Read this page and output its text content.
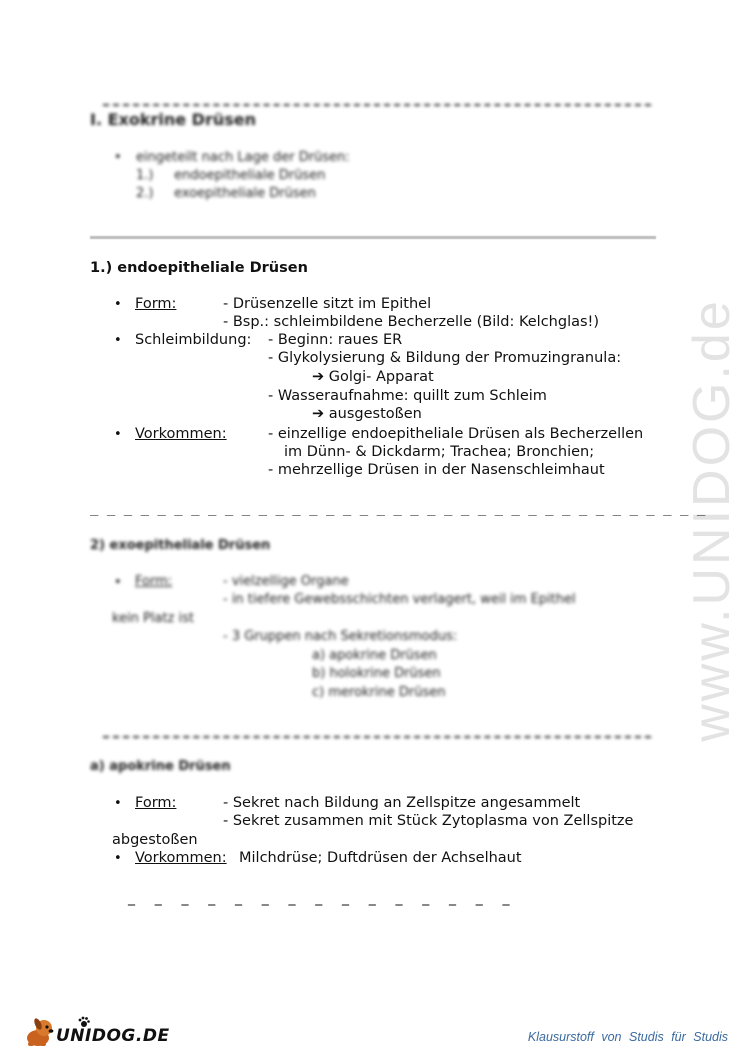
www.UNIDOG.de
I. Exokrine Drüsen
• eingeteilt nach Lage der Drüsen:
1.)     endoepitheliale Drüsen
2.)     exoepitheliale Drüsen
1.) endoepitheliale Drüsen
• Form:	- Drüsenzelle sitzt im Epithel
- Bsp.: schleimbildene Becherzelle (Bild: Kelchglas!)
• Schleimbildung: - Beginn: raues ER
- Glykolysierung & Bildung der Promuzingranula:
➔ Golgi- Apparat
- Wasseraufnahme: quillt zum Schleim
➔ ausgestoßen
• Vorkommen:	- einzellige endoepitheliale Drüsen als Becherzellen
im Dünn- & Dickdarm; Trachea; Bronchien;
- mehrzellige Drüsen in der Nasenschleimhaut
_ _ _ _ _ _ _ _ _ _ _ _ _ _ _ _ _ _ _ _ _ _ _ _ _ _ _ _ _ _ _ _ _ _ _ _ _
2) exoepitheliale Drüsen
• Form:	- vielzellige Organe
- in tiefere Gewebsschichten verlagert, weil im Epithel
kein Platz ist
- 3 Gruppen nach Sekretionsmodus:
a) apokrine Drüsen
b) holokrine Drüsen
c) merokrine Drüsen
a) apokrine Drüsen
• Form:	- Sekret nach Bildung an Zellspitze angesammelt
- Sekret zusammen mit Stück Zytoplasma von Zellspitze
abgestoßen
• Vorkommen: Milchdrüse; Duftdrüsen der Achselhaut
_   _   _   _   _   _   _   _   _   _   _   _   _   _   _
UNIDOG.DE	Klausurstoff von Studis für Studis
